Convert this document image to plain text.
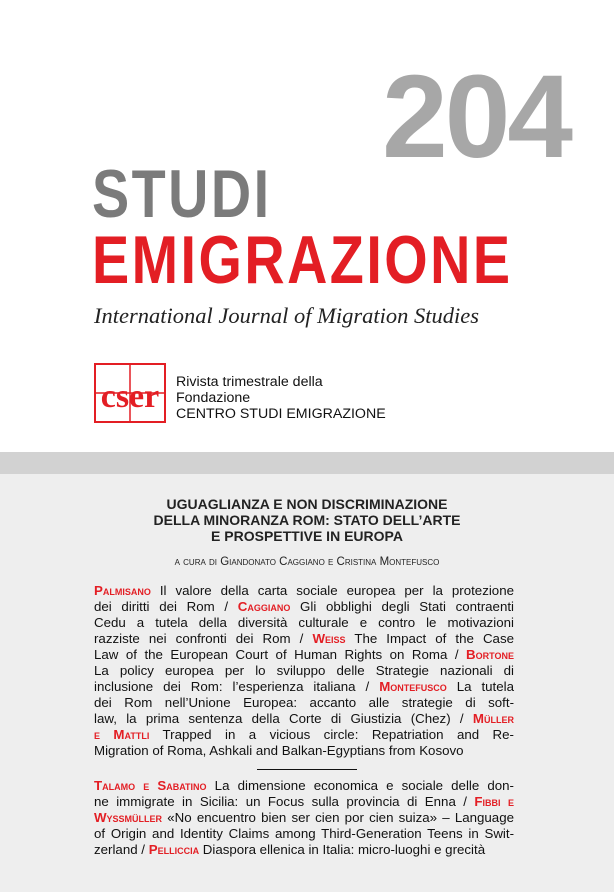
204
STUDI
EMIGRAZIONE
International Journal of Migration Studies
cser Rivista trimestrale della
Fondazione
CENTRO STUDI EMIGRAZIONE
UGUAGLIANZA E NON DISCRIMINAZIONE
DELLA MINORANZA ROM: STATO DELL’ARTE
E PROSPETTIVE IN EUROPA
a cura di Giandonato Caggiano e Cristina Montefusco
Palmisano Il valore della carta sociale europea per la protezione
dei diritti dei Rom / Caggiano Gli obblighi degli Stati contraenti
Cedu a tutela della diversità culturale e contro le motivazioni
razziste nei confronti dei Rom / Weiss The Impact of the Case
Law of the European Court of Human Rights on Roma / Bortone
La policy europea per lo sviluppo delle Strategie nazionali di
inclusione dei Rom: l’esperienza italiana / Montefusco La tutela
dei Rom nell’Unione Europea: accanto alle strategie di soft-
law, la prima sentenza della Corte di Giustizia (Chez) / Müller
e Mattli Trapped in a vicious circle: Repatriation and Re-
Migration of Roma, Ashkali and Balkan-Egyptians from Kosovo
Talamo e Sabatino La dimensione economica e sociale delle don-
ne immigrate in Sicilia: un Focus sulla provincia di Enna / Fibbi e
Wyssmüller «No encuentro bien ser cien por cien suiza» – Language
of Origin and Identity Claims among Third-Generation Teens in Swit-
zerland / Pelliccia Diaspora ellenica in Italia: micro-luoghi e grecità
